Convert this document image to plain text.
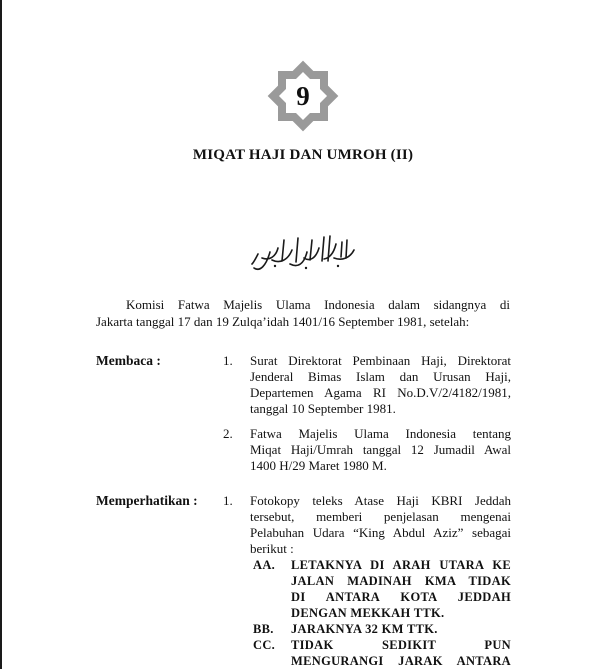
9
MIQAT HAJI DAN UMROH (II)
Komisi Fatwa Majelis Ulama Indonesia dalam sidangnya di
Jakarta tanggal 17 dan 19 Zulqa’idah 1401/16 September 1981, setelah:
Membaca :	1. Surat Direktorat Pembinaan Haji, Direktorat
Jenderal Bimas Islam dan Urusan Haji,
Departemen Agama RI No.D.V/2/4182/1981,
tanggal 10 September 1981.
2. Fatwa Majelis Ulama Indonesia tentang
Miqat Haji/Umrah tanggal 12 Jumadil Awal
1400 H/29 Maret 1980 M.
Memperhatikan : 1. Fotokopy teleks Atase Haji KBRI Jeddah
tersebut, memberi penjelasan mengenai
Pelabuhan Udara “King Abdul Aziz” sebagai
berikut :
AA. LETAKNYA DI ARAH UTARA KE
JALAN MADINAH KMA TIDAK
DI ANTARA KOTA JEDDAH
DENGAN MEKKAH TTK.
BB. JARAKNYA 32 KM TTK.
CC. TIDAK SEDIKIT PUN
MENGURANGI JARAK ANTARA
